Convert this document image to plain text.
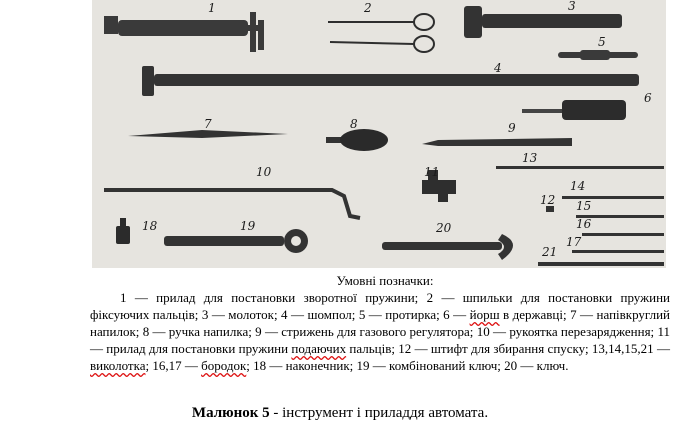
1	2	3
4
5
6
7	8	9
10	11
12
13
14
15
16
17
18	19	20
21
Умовні позначки:
1 — прилад для постановки зворотної пружини; 2 — шпильки для постановки пружини фіксуючих пальців; 3 — молоток; 4 — шомпол; 5 — протирка; 6 — йорш в державці; 7 — напівкруглий напилок; 8 — ручка напилка; 9 — стрижень для газового регулятора; 10 — рукоятка перезарядження; 11 — прилад для постановки пружини подаючих пальців; 12 — штифт для збирання спуску; 13,14,15,21 — виколотка; 16,17 — бородок; 18 — наконечник; 19 — комбінований ключ; 20 — ключ.
Малюнок 5 - інструмент і приладдя автомата.
